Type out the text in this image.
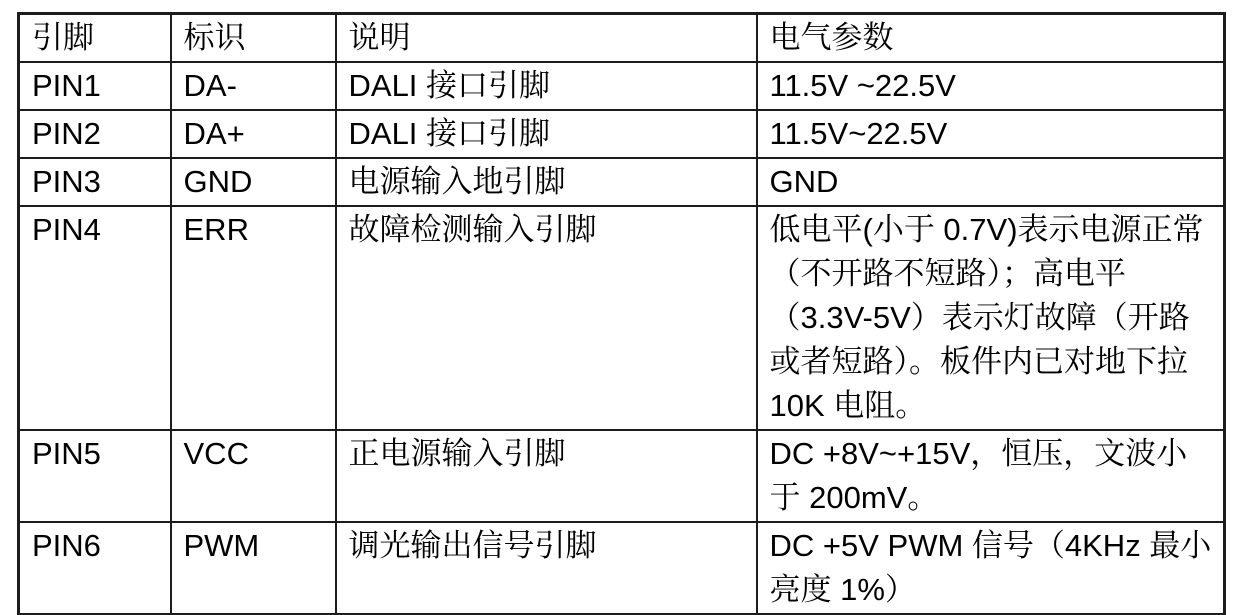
引脚	标识	说明	电气参数
PIN1	DA-	DALI 接口引脚	11.5V ~22.5V
PIN2	DA+	DALI 接口引脚	11.5V~22.5V
PIN3	GND	电源输入地引脚	GND
PIN4	ERR	故障检测输入引脚	低电平(小于 0.7V)表示电源正常（不开路不短路）；高电平（3.3V-5V）表示灯故障（开路或者短路）。板件内已对地下拉 10K 电阻。
PIN5	VCC	正电源输入引脚	DC +8V~+15V，恒压，文波小于 200mV。
PIN6	PWM	调光输出信号引脚	DC +5V PWM 信号（4KHz 最小亮度 1%）
